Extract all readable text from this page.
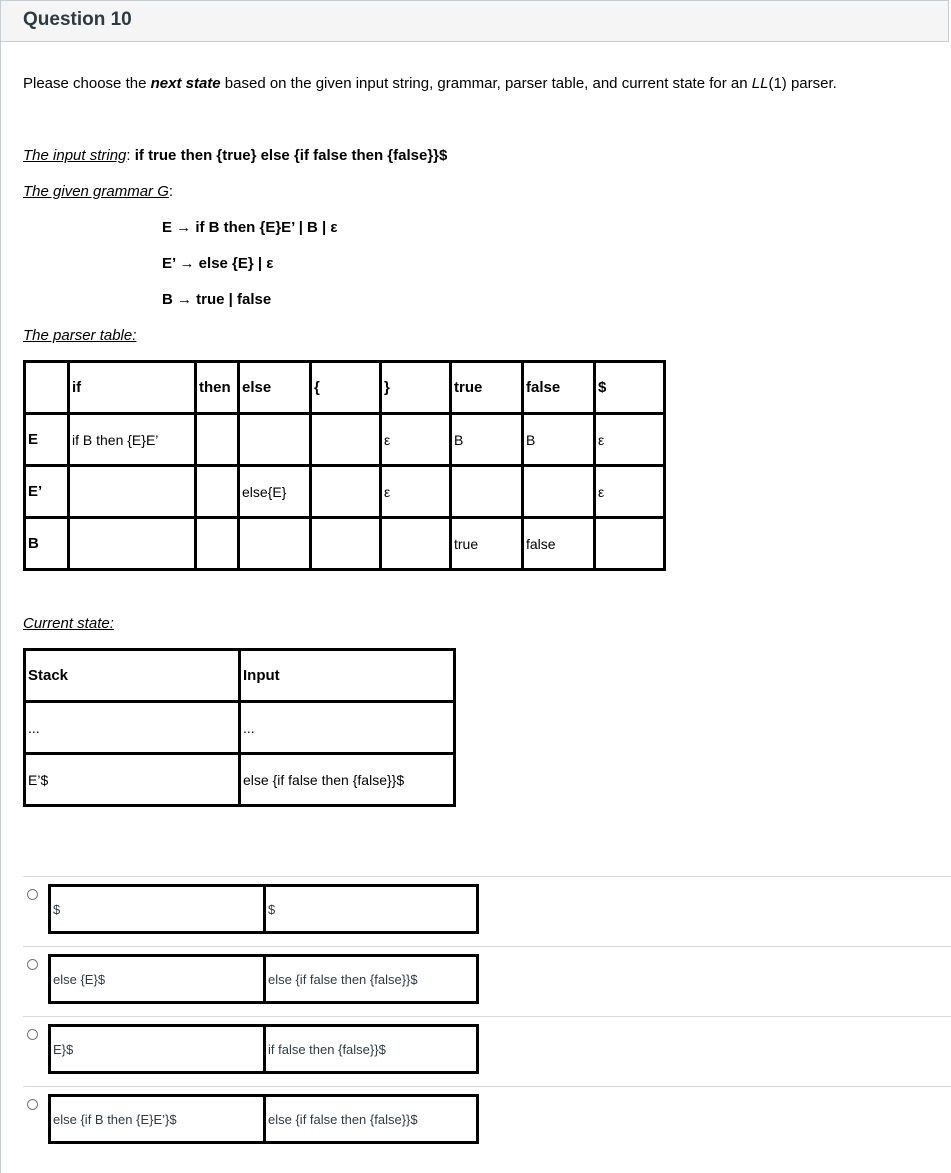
Question 10
Please choose the next state based on the given input string, grammar, parser table, and current state for an LL(1) parser.
The input string: if true then {true} else {if false then {false}}$
The given grammar G:
E → if B then {E}E’ | B | ε
E’ → else {E} | ε
B → true | false
The parser table:
	if	then	else	{	}	true	false	$
E	if B then {E}E’				ε	B	B	ε
E’			else{E}		ε			ε
B						true	false	
Current state:
Stack	Input
...	...
E’$	else {if false then {false}}$
$	$
else {E}$	else {if false then {false}}$
E}$	if false then {false}}$
else {if B then {E}E’}$	else {if false then {false}}$
